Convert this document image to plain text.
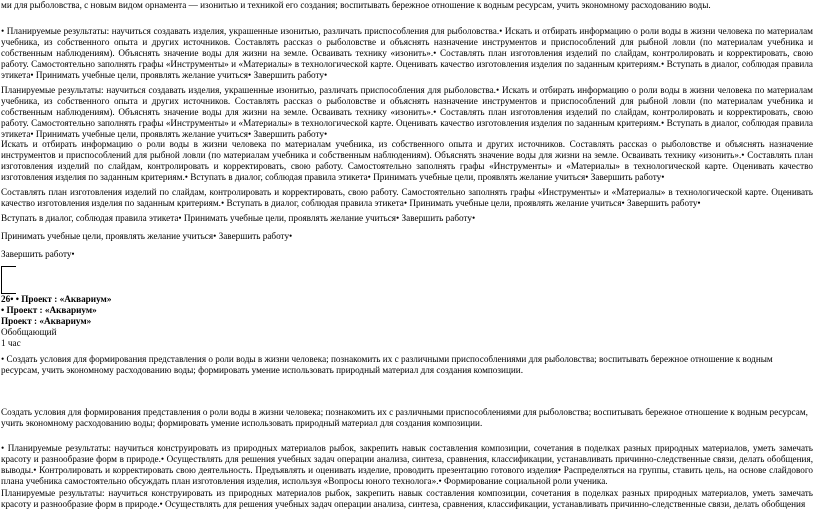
ми для рыболовства, с новым видом орнамента — изонитью и техникой его создания; воспитывать бережное отношение к водным ресурсам, учить экономному расходованию воды.

• Планируемые результаты: научиться создавать изделия, украшенные изонитью, различать приспособления для рыболовства.• Искать и отбирать информацию о роли воды в жизни человека по материалам учебника, из собственного опыта и других источников. Составлять рассказ о рыболовстве и объяснять назначение инструментов и приспособлений для рыбной ловли (по материалам учебника и собственным наблюдениям). Объяснять значение воды для жизни на земле. Осваивать технику «изонить».• Составлять план изготовления изделий по слайдам, контролировать и корректировать, свою работу. Самостоятельно заполнять графы «Инструменты» и «Материалы» в технологической карте. Оценивать качество изготовления изделия по заданным критериям.• Вступать в диалог, соблюдая правила этикета• Принимать учебные цели, проявлять желание учиться• Завершить работу•

Планируемые результаты: научиться создавать изделия, украшенные изонитью, различать приспособления для рыболовства.• Искать и отбирать информацию о роли воды в жизни человека по материалам учебника, из собственного опыта и других источников. Составлять рассказ о рыболовстве и объяснять назначение инструментов и приспособлений для рыбной ловли (по материалам учебника и собственным наблюдениям). Объяснять значение воды для жизни на земле. Осваивать технику «изонить».• Составлять план изготовления изделий по слайдам, контролировать и корректировать, свою работу. Самостоятельно заполнять графы «Инструменты» и «Материалы» в технологической карте. Оценивать качество изготовления изделия по заданным критериям.• Вступать в диалог, соблюдая правила этикета• Принимать учебные цели, проявлять желание учиться• Завершить работу•

Искать и отбирать информацию о роли воды в жизни человека по материалам учебника, из собственного опыта и других источников. Составлять рассказ о рыболовстве и объяснять назначение инструментов и приспособлений для рыбной ловли (по материалам учебника и собственным наблюдениям). Объяснять значение воды для жизни на земле. Осваивать технику «изонить».• Составлять план изготовления изделий по слайдам, контролировать и корректировать, свою работу. Самостоятельно заполнять графы «Инструменты» и «Материалы» в технологической карте. Оценивать качество изготовления изделия по заданным критериям.• Вступать в диалог, соблюдая правила этикета• Принимать учебные цели, проявлять желание учиться• Завершить работу•

Составлять план изготовления изделий по слайдам, контролировать и корректировать, свою работу. Самостоятельно заполнять графы «Инструменты» и «Материалы» в технологической карте. Оценивать качество изготовления изделия по заданным критериям.• Вступать в диалог, соблюдая правила этикета• Принимать учебные цели, проявлять желание учиться• Завершить работу•

Вступать в диалог, соблюдая правила этикета• Принимать учебные цели, проявлять желание учиться• Завершить работу•

Принимать учебные цели, проявлять желание учиться• Завершить работу•

Завершить работу•

26• • Проект : «Аквариум»
• Проект : «Аквариум»
Проект : «Аквариум»
Обобщающий
1 час

• Создать условия для формирования представления о роли воды в жизни человека; познакомить их с различными приспособлениями для рыболовства; воспитывать бережное отношение к водным ресурсам, учить экономному расходованию воды; формировать умение использовать природный материал для создания композиции.

Создать условия для формирования представления о роли воды в жизни человека; познакомить их с различными приспособлениями для рыболовства; воспитывать бережное отношение к водным ресурсам, учить экономному расходованию воды; формировать умение использовать природный материал для создания композиции.

• Планируемые результаты: научиться конструировать из природных материалов рыбок, закрепить навык составления композиции, сочетания в поделках разных природных материалов, уметь замечать красоту и разнообразие форм в природе.• Осуществлять для решения учебных задач операции анализа, синтеза, сравнения, классификации, устанавливать причинно-следственные связи, делать обобщения, выводы.• Контролировать и корректировать свою деятельность. Предъявлять и оценивать изделие, проводить презентацию готового изделия• Распределяться на группы, ставить цель, на основе слайдового плана учебника самостоятельно обсуждать план изготовления изделия, используя «Вопросы юного технолога».• Формирование социальной роли ученика.

Планируемые результаты: научиться конструировать из природных материалов рыбок, закрепить навык составления композиции, сочетания в поделках разных природных материалов, уметь замечать красоту и разнообразие форм в природе.• Осуществлять для решения учебных задач операции анализа, синтеза, сравнения, классификации, устанавливать причинно-следственные связи, делать обобщения
